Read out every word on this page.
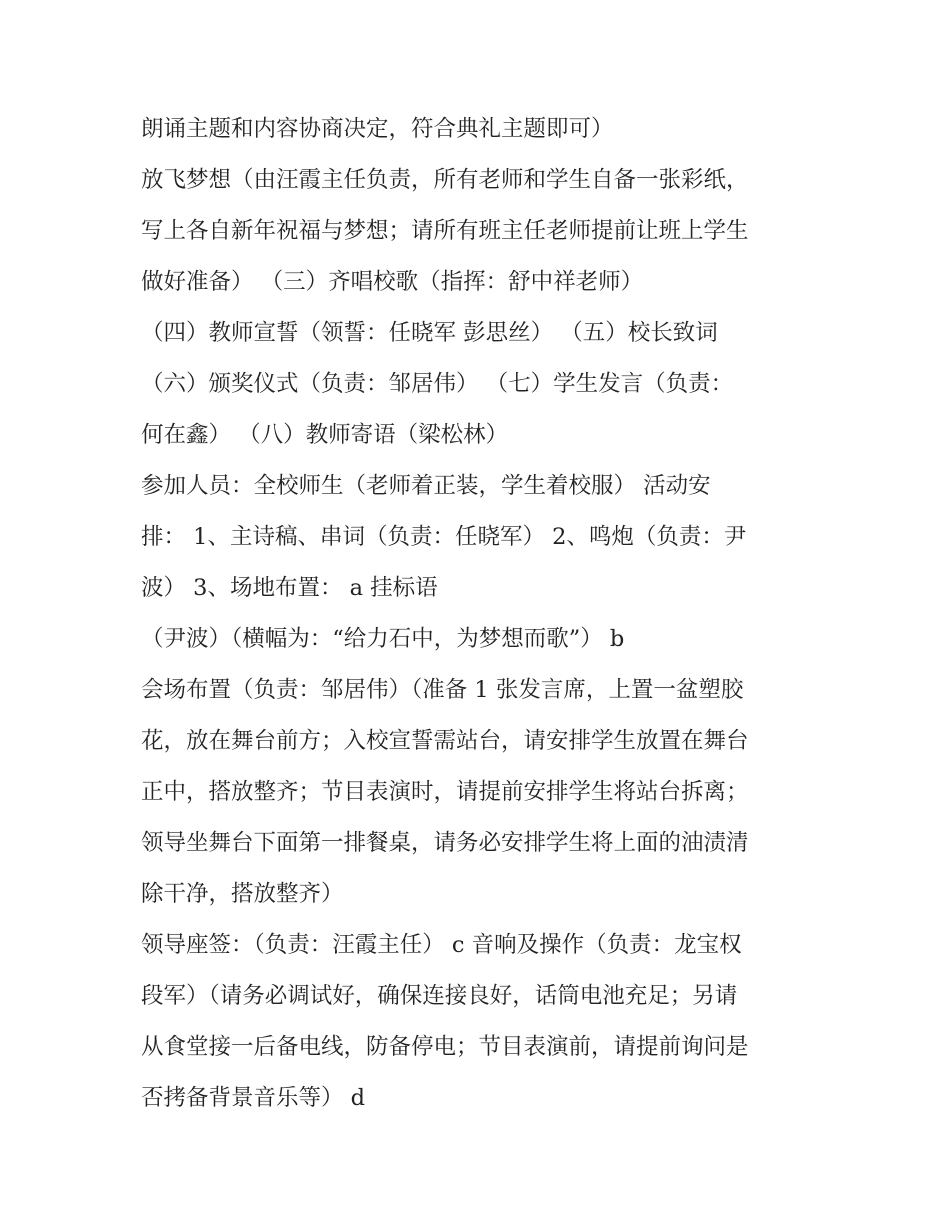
朗诵主题和内容协商决定，符合典礼主题即可）
放飞梦想（由汪霞主任负责，所有老师和学生自备一张彩纸，
写上各自新年祝福与梦想；请所有班主任老师提前让班上学生
做好准备） （三）齐唱校歌（指挥：舒中祥老师）
（四）教师宣誓（领誓：任晓军 彭思丝） （五）校长致词
（六）颁奖仪式（负责：邹居伟） （七）学生发言（负责：
何在鑫） （八）教师寄语（梁松林）
参加人员：全校师生（老师着正装，学生着校服） 活动安
排： 1、主诗稿、串词（负责：任晓军） 2、鸣炮（负责：尹
波） 3、场地布置： a 挂标语
（尹波）（横幅为：“给力石中，为梦想而歌”） b
会场布置（负责：邹居伟）（准备 1 张发言席，上置一盆塑胶
花，放在舞台前方；入校宣誓需站台，请安排学生放置在舞台
正中，搭放整齐；节目表演时，请提前安排学生将站台拆离；
领导坐舞台下面第一排餐桌，请务必安排学生将上面的油渍清
除干净，搭放整齐）
领导座签：（负责：汪霞主任） c 音响及操作（负责：龙宝权
段军）（请务必调试好，确保连接良好，话筒电池充足；另请
从食堂接一后备电线，防备停电；节目表演前，请提前询问是
否拷备背景音乐等） d
